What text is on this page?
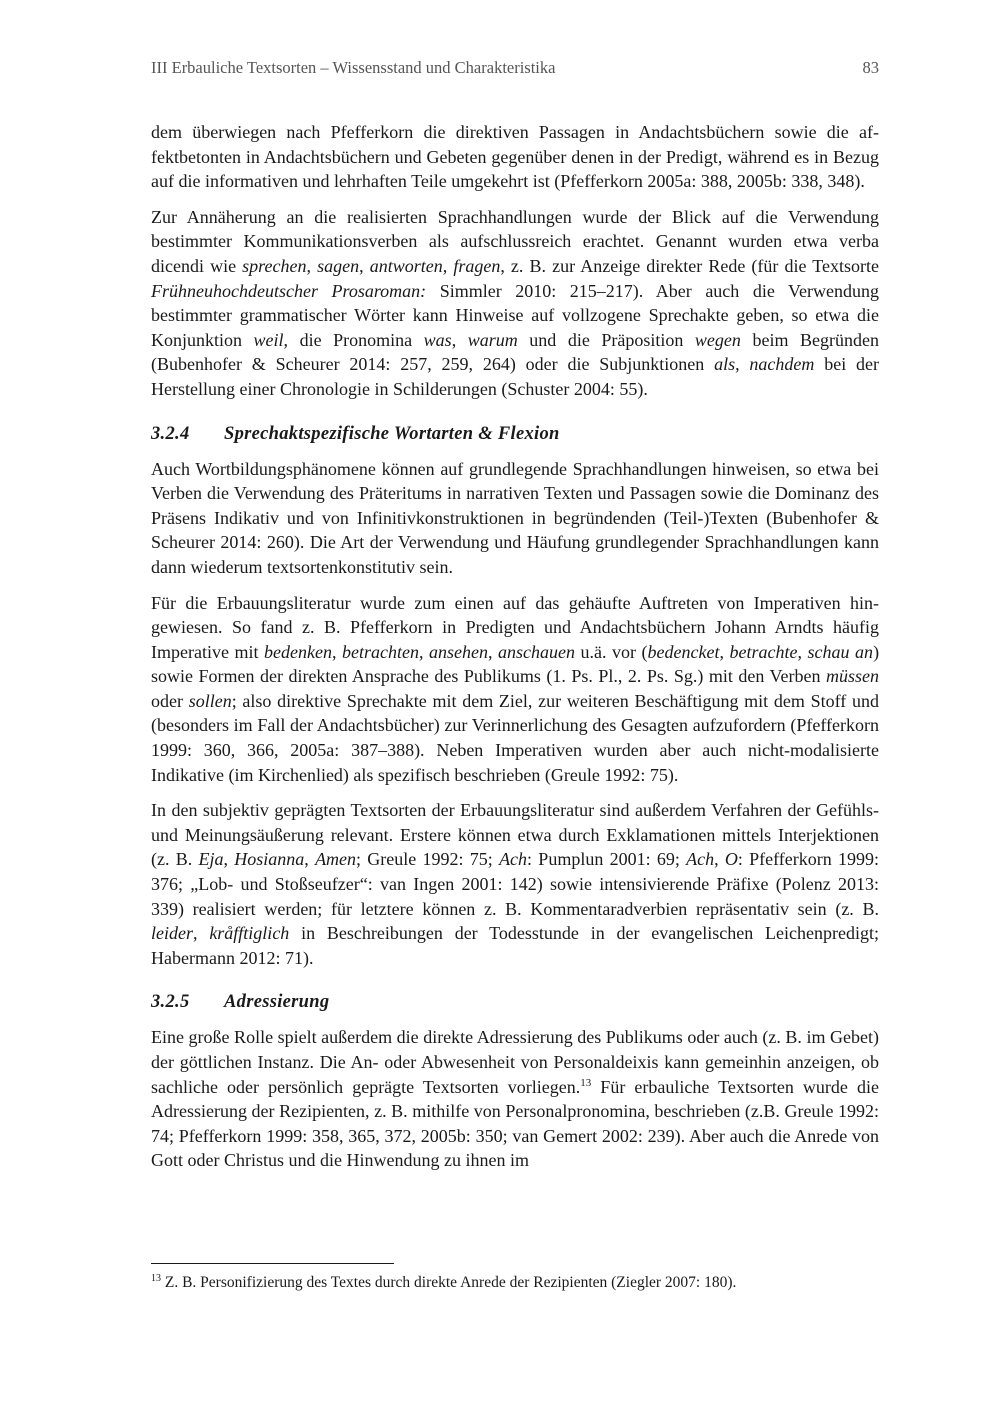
III Erbauliche Textsorten – Wissensstand und Charakteristika	83

dem überwiegen nach Pfefferkorn die direktiven Passagen in Andachtsbüchern sowie die affektbetonten in Andachtsbüchern und Gebeten gegenüber denen in der Predigt, während es in Bezug auf die informativen und lehrhaften Teile umgekehrt ist (Pfefferkorn 2005a: 388, 2005b: 338, 348).

Zur Annäherung an die realisierten Sprachhandlungen wurde der Blick auf die Verwendung bestimmter Kommunikationsverben als aufschlussreich erachtet. Genannt wurden etwa verba dicendi wie sprechen, sagen, antworten, fragen, z. B. zur Anzeige direkter Rede (für die Textsorte Frühneuhochdeutscher Prosaroman: Simmler 2010: 215–217). Aber auch die Verwendung bestimmter grammatischer Wörter kann Hinweise auf vollzogene Sprechakte geben, so etwa die Konjunktion weil, die Pronomina was, warum und die Präposition wegen beim Begründen (Bubenhofer & Scheurer 2014: 257, 259, 264) oder die Subjunktionen als, nachdem bei der Herstellung einer Chronologie in Schilderungen (Schuster 2004: 55).

3.2.4	Sprechaktspezifische Wortarten & Flexion

Auch Wortbildungsphänomene können auf grundlegende Sprachhandlungen hinweisen, so etwa bei Verben die Verwendung des Präteritums in narrativen Texten und Passagen sowie die Dominanz des Präsens Indikativ und von Infinitivkonstruktionen in begründenden (Teil-)Texten (Bubenhofer & Scheurer 2014: 260). Die Art der Verwendung und Häufung grundlegender Sprachhandlungen kann dann wiederum textsortenkonstitutiv sein.

Für die Erbauungsliteratur wurde zum einen auf das gehäufte Auftreten von Imperativen hingewiesen. So fand z. B. Pfefferkorn in Predigten und Andachtsbüchern Johann Arndts häufig Imperative mit bedenken, betrachten, ansehen, anschauen u.ä. vor (bedencket, betrachte, schau an) sowie Formen der direkten Ansprache des Publikums (1. Ps. Pl., 2. Ps. Sg.) mit den Verben müssen oder sollen; also direktive Sprechakte mit dem Ziel, zur weiteren Beschäftigung mit dem Stoff und (besonders im Fall der Andachtsbücher) zur Verinnerlichung des Gesagten aufzufordern (Pfefferkorn 1999: 360, 366, 2005a: 387–388). Neben Imperativen wurden aber auch nicht-modalisierte Indikative (im Kirchenlied) als spezifisch beschrieben (Greule 1992: 75).

In den subjektiv geprägten Textsorten der Erbauungsliteratur sind außerdem Verfahren der Gefühls- und Meinungsäußerung relevant. Erstere können etwa durch Exklamationen mittels Interjektionen (z. B. Eja, Hosianna, Amen; Greule 1992: 75; Ach: Pumplun 2001: 69; Ach, O: Pfefferkorn 1999: 376; „Lob- und Stoßseufzer“: van Ingen 2001: 142) sowie intensivierende Präfixe (Polenz 2013: 339) realisiert werden; für letztere können z. B. Kommentaradverbien repräsentativ sein (z. B. leider, kråfftiglich in Beschreibungen der Todesstunde in der evangelischen Leichenpredigt; Habermann 2012: 71).

3.2.5	Adressierung

Eine große Rolle spielt außerdem die direkte Adressierung des Publikums oder auch (z. B. im Gebet) der göttlichen Instanz. Die An- oder Abwesenheit von Personaldeixis kann gemeinhin anzeigen, ob sachliche oder persönlich geprägte Textsorten vorliegen.$^{13}$ Für erbauliche Textsorten wurde die Adressierung der Rezipienten, z. B. mithilfe von Personalpronomina, beschrieben (z.B. Greule 1992: 74; Pfefferkorn 1999: 358, 365, 372, 2005b: 350; van Gemert 2002: 239). Aber auch die Anrede von Gott oder Christus und die Hinwendung zu ihnen im

$^{13}$ Z. B. Personifizierung des Textes durch direkte Anrede der Rezipienten (Ziegler 2007: 180).
